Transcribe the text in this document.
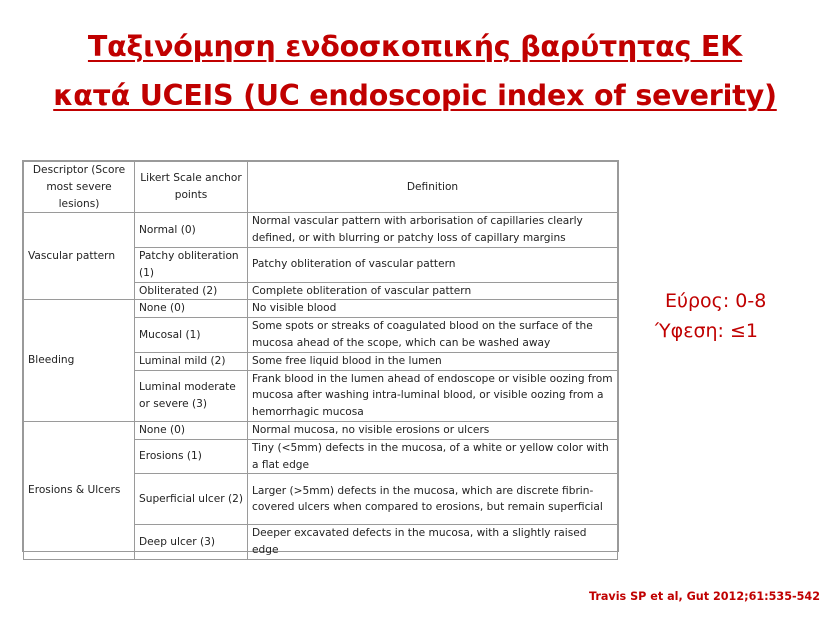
Ταξινόμηση ενδοσκοπικής βαρύτητας ΕΚ
κατά UCEIS (UC endoscopic index of severity)
Descriptor (Score most severe lesions)	Likert Scale anchor points	Definition
Vascular pattern	Normal (0)	Normal vascular pattern with arborisation of capillaries clearly defined, or with blurring or patchy loss of capillary margins
	Patchy obliteration (1)	Patchy obliteration of vascular pattern
	Obliterated (2)	Complete obliteration of vascular pattern
Bleeding	None (0)	No visible blood
	Mucosal (1)	Some spots or streaks of coagulated blood on the surface of the mucosa ahead of the scope, which can be washed away
	Luminal mild (2)	Some free liquid blood in the lumen
	Luminal moderate or severe (3)	Frank blood in the lumen ahead of endoscope or visible oozing from mucosa after washing intra-luminal blood, or visible oozing from a hemorrhagic mucosa
Erosions & Ulcers	None (0)	Normal mucosa, no visible erosions or ulcers
	Erosions (1)	Tiny (<5mm) defects in the mucosa, of a white or yellow color with a flat edge
	Superficial ulcer (2)	Larger (>5mm) defects in the mucosa, which are discrete fibrin-covered ulcers when compared to erosions, but remain superficial
	Deep ulcer (3)	Deeper excavated defects in the mucosa, with a slightly raised edge
Εύρος: 0-8
Ύφεση: ≤1
Travis SP et al, Gut 2012;61:535-542
